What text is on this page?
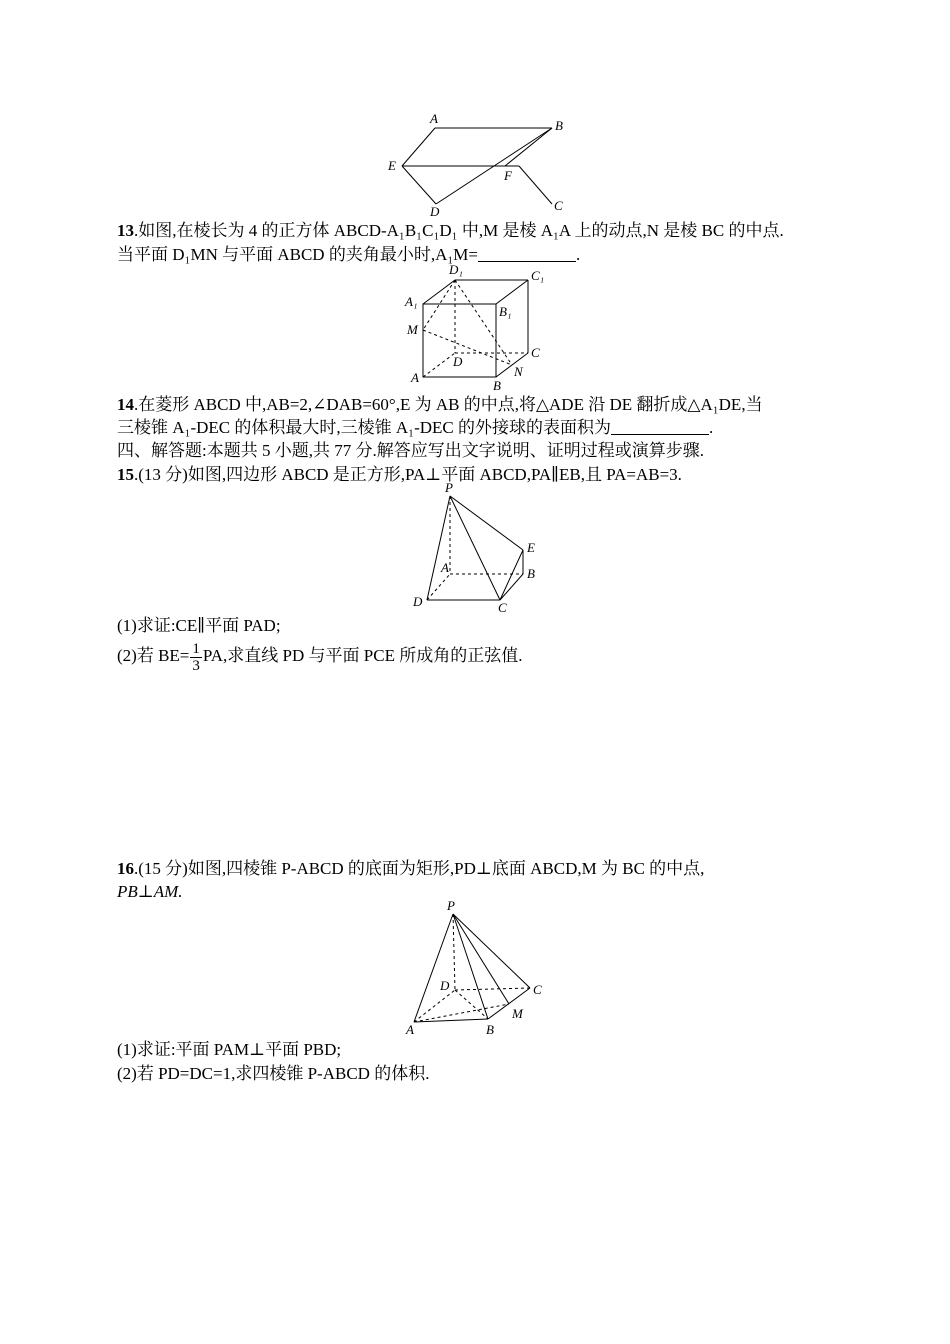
A	B
E
F
D	C
13.如图,在棱长为 4 的正方体 ABCD-A₁B₁C₁D₁ 中,M 是棱 A₁A 上的动点,N 是棱 BC 的中点.
当平面 D₁MN 与平面 ABCD 的夹角最小时,A₁M=	.
D₁	C₁
A₁
B₁
M
D
C
A	N
B
14.在菱形 ABCD 中,AB=2,∠DAB=60°,E 为 AB 的中点,将△ADE 沿 DE 翻折成△A₁DE,当
三棱锥 A₁-DEC 的体积最大时,三棱锥 A₁-DEC 的外接球的表面积为	.
四、解答题:本题共 5 小题,共 77 分.解答应写出文字说明、证明过程或演算步骤.
15.(13 分)如图,四边形 ABCD 是正方形,PA⊥平面 ABCD,PA∥EB,且 PA=AB=3.
P
E
A	B
D	C
(1)求证:CE∥平面 PAD;
(2)若 $BE= \frac{1}{3}$ PA,求直线 PD 与平面 PCE 所成角的正弦值.
16.(15 分)如图,四棱锥 P-ABCD 的底面为矩形,PD⊥底面 ABCD,M 为 BC 的中点,
PB⊥AM.
P
D	C
M
A	B
(1)求证:平面 PAM⊥平面 PBD;
(2)若 PD=DC=1,求四棱锥 P-ABCD 的体积.
